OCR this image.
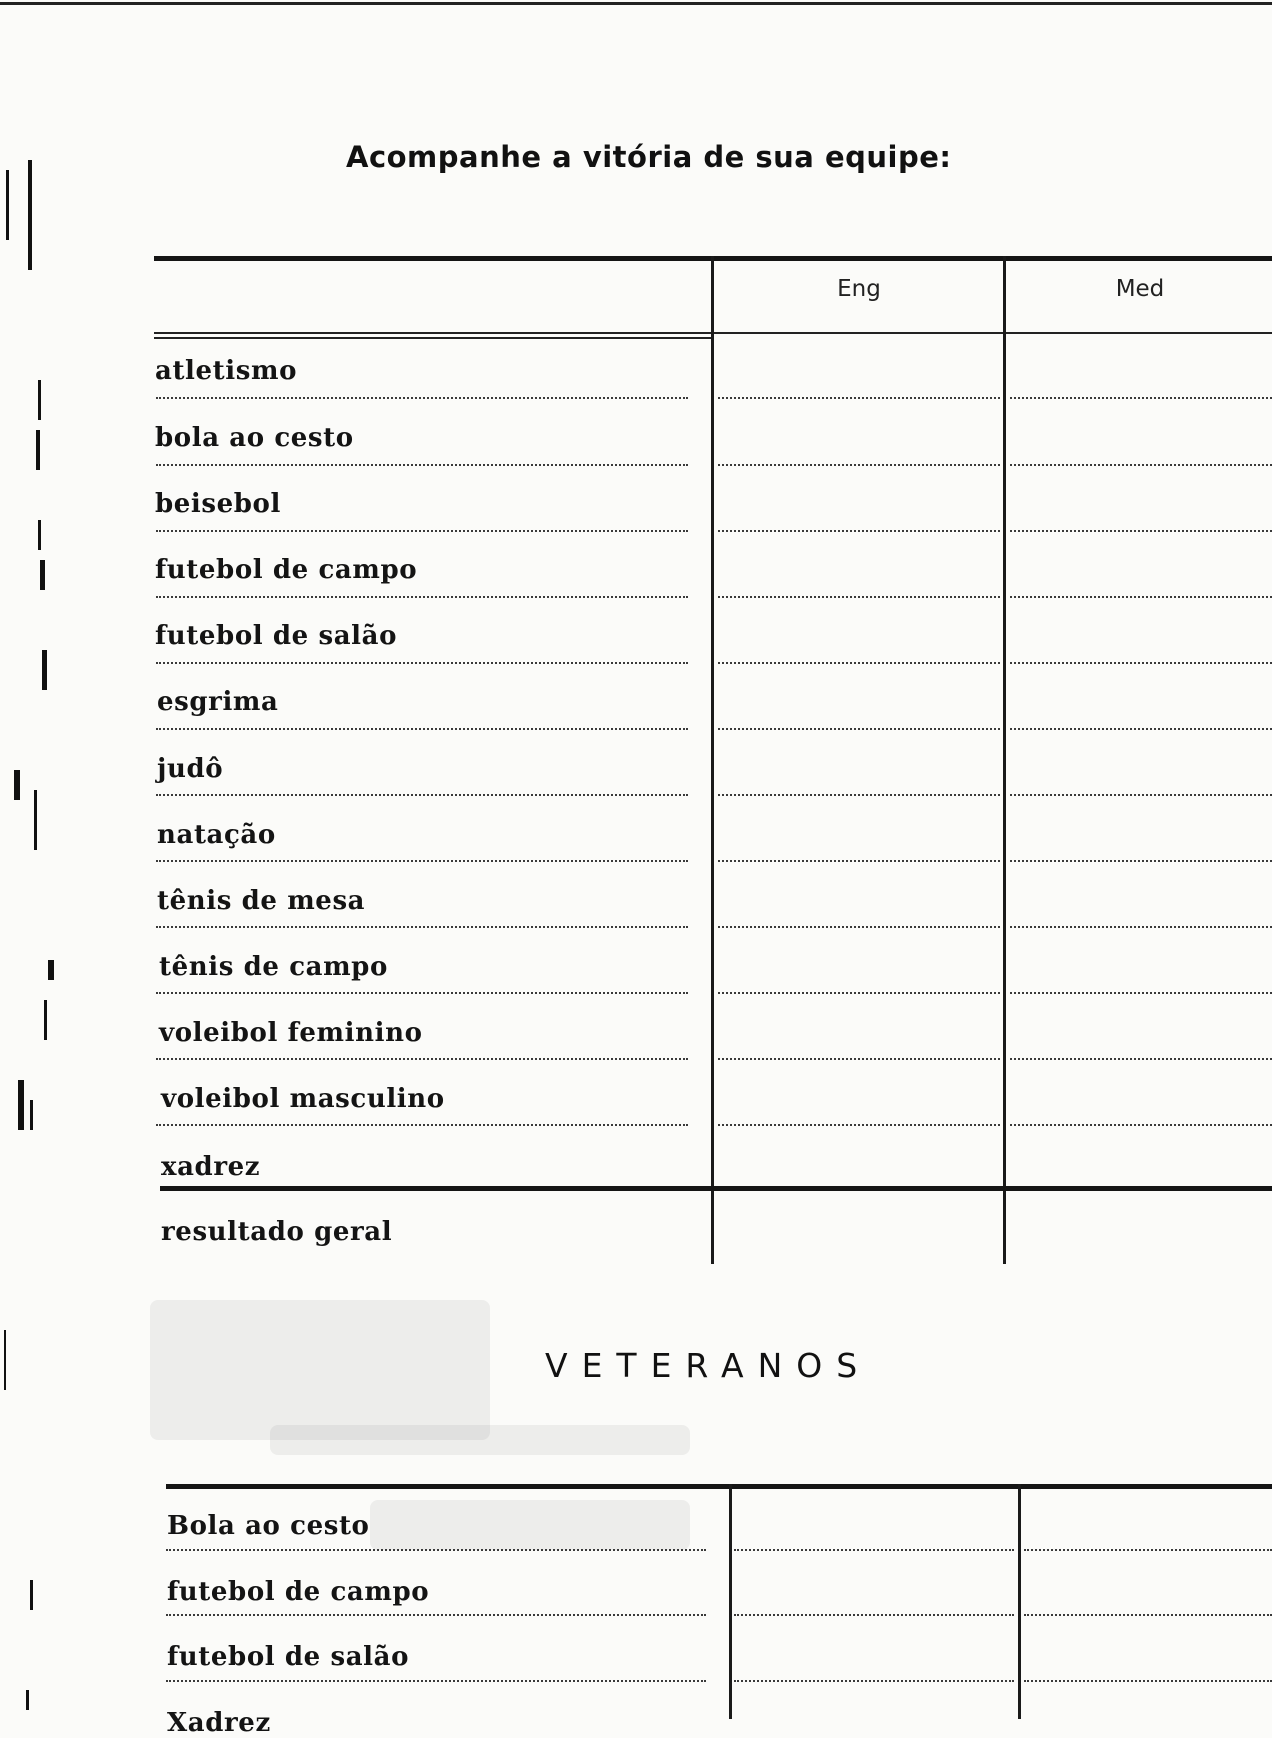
Acompanhe a vitória de sua equipe:
Eng	Med
atletismo
bola ao cesto
beisebol
futebol de campo
futebol de salão
esgrima
judô
natação
tênis de mesa
tênis de campo
voleibol feminino
voleibol masculino
xadrez
resultado geral
VETERANOS
Bola ao cesto
futebol de campo
futebol de salão
Xadrez
